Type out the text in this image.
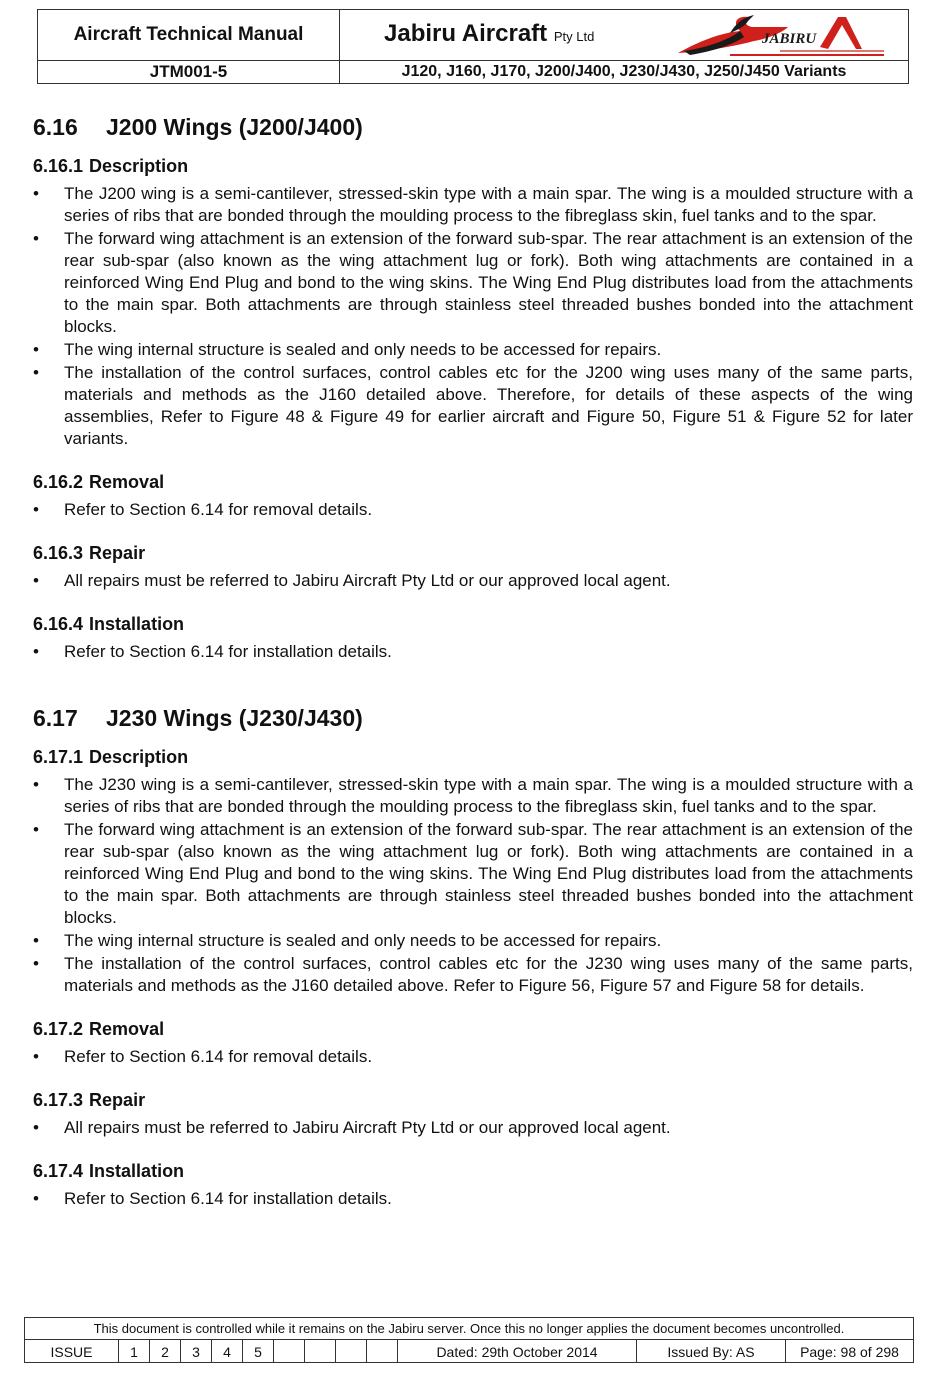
Aircraft Technical Manual	Jabiru Aircraft Pty Ltd	JABIRU
JTM001-5	J120, J160, J170, J200/J400, J230/J430, J250/J450 Variants
6.16 J200 Wings (J200/J400)
6.16.1 Description
• The J200 wing is a semi-cantilever, stressed-skin type with a main spar. The wing is a moulded structure with a series of ribs that are bonded through the moulding process to the fibreglass skin, fuel tanks and to the spar.
• The forward wing attachment is an extension of the forward sub-spar. The rear attachment is an extension of the rear sub-spar (also known as the wing attachment lug or fork). Both wing attachments are contained in a reinforced Wing End Plug and bond to the wing skins. The Wing End Plug distributes load from the attachments to the main spar. Both attachments are through stainless steel threaded bushes bonded into the attachment blocks.
• The wing internal structure is sealed and only needs to be accessed for repairs.
• The installation of the control surfaces, control cables etc for the J200 wing uses many of the same parts, materials and methods as the J160 detailed above. Therefore, for details of these aspects of the wing assemblies, Refer to Figure 48 & Figure 49 for earlier aircraft and Figure 50, Figure 51 & Figure 52 for later variants.
6.16.2 Removal
• Refer to Section 6.14 for removal details.
6.16.3 Repair
• All repairs must be referred to Jabiru Aircraft Pty Ltd or our approved local agent.
6.16.4 Installation
• Refer to Section 6.14 for installation details.
6.17 J230 Wings (J230/J430)
6.17.1 Description
• The J230 wing is a semi-cantilever, stressed-skin type with a main spar. The wing is a moulded structure with a series of ribs that are bonded through the moulding process to the fibreglass skin, fuel tanks and to the spar.
• The forward wing attachment is an extension of the forward sub-spar. The rear attachment is an extension of the rear sub-spar (also known as the wing attachment lug or fork). Both wing attachments are contained in a reinforced Wing End Plug and bond to the wing skins. The Wing End Plug distributes load from the attachments to the main spar. Both attachments are through stainless steel threaded bushes bonded into the attachment blocks.
• The wing internal structure is sealed and only needs to be accessed for repairs.
• The installation of the control surfaces, control cables etc for the J230 wing uses many of the same parts, materials and methods as the J160 detailed above. Refer to Figure 56, Figure 57 and Figure 58 for details.
6.17.2 Removal
• Refer to Section 6.14 for removal details.
6.17.3 Repair
• All repairs must be referred to Jabiru Aircraft Pty Ltd or our approved local agent.
6.17.4 Installation
• Refer to Section 6.14 for installation details.
This document is controlled while it remains on the Jabiru server. Once this no longer applies the document becomes uncontrolled.
ISSUE	1	2	3	4	5	Dated: 29th October 2014	Issued By: AS	Page: 98 of 298
